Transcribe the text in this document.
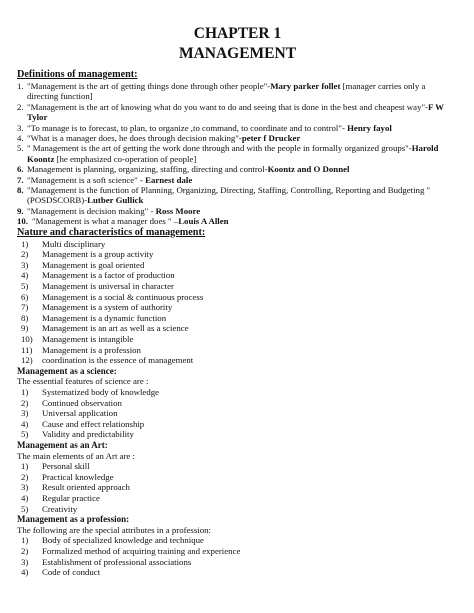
CHAPTER 1
MANAGEMENT
Definitions of management:
1. "Management is the art of getting things done through other people"-Mary parker follet [manager carries only a directing function]
2. "Management is the art of knowing what do you want to do and seeing that is done in the best and cheapest way"-F W Tylor
3. "To manage is to forecast, to plan, to organize ,to command, to coordinate and to control"- Henry fayol
4. "What is a manager does, he does through decision making"-peter f Drucker
5. " Management is the art of getting the work done through and with the people in formally organized groups"-Harold Koontz [he emphasized co-operation of people]
6. Management is planning, organizing, staffing, directing and control-Koontz and O Donnel
7. "Management is a soft science" - Earnest dale
8. "Management is the function of Planning, Organizing, Directing, Staffing, Controlling, Reporting and Budgeting " (POSDSCORB)-Lutber Gullick
9. "Management is decision making" - Ross Moore
10. "Management is what a manager does " –Louis A Allen
Nature and characteristics of management:
1)	Multi disciplinary
2)	Management is a group activity
3)	Management is goal oriented
4)	Management is a factor of production
5)	Management is universal in character
6)	Management is a social & continuous process
7)	Management is a system of authority
8)	Management is a dynamic function
9)	Management is an art as well as a science
10)	Management is intangible
11)	Management is a profession
12)	coordination is the essence of management
Management as a science:
The essential features of science are :
1)	Systematized body of knowledge
2)	Continued observation
3)	Universal application
4)	Cause and effect relationship
5)	Validity and predictability
Management as an Art:
The main elements of an Art are :
1)	Personal skill
2)	Practical knowledge
3)	Result oriented approach
4)	Regular practice
5)	Creativity
Management as a profession:
The following are the special attributes in a profession:
1)	Body of specialized knowledge and technique
2)	Formalized method of acquiring training and experience
3)	Establishment of professional associations
4)	Code of conduct
